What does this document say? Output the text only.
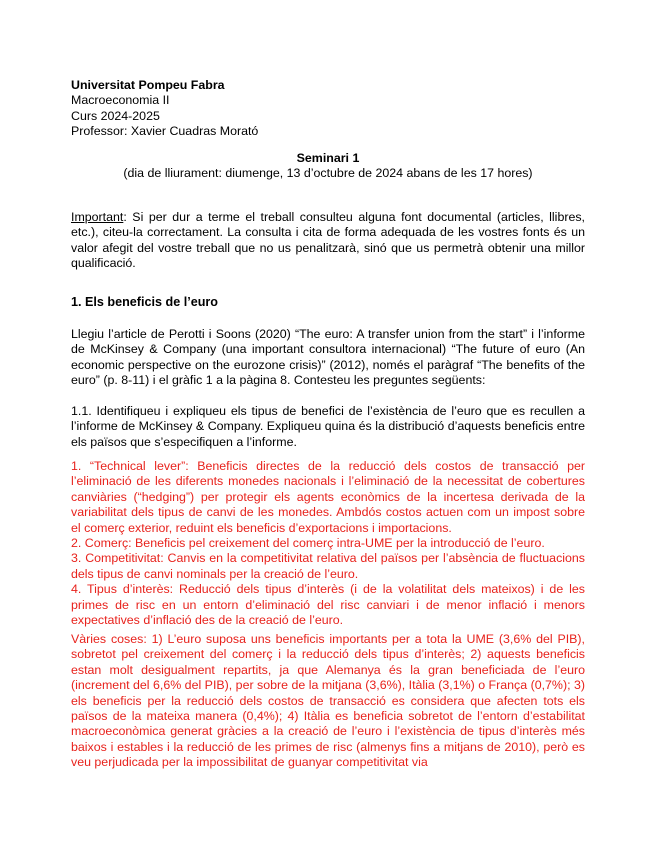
Universitat Pompeu Fabra
Macroeconomia II
Curs 2024-2025
Professor: Xavier Cuadras Morató
Seminari 1
(dia de lliurament: diumenge, 13 d’octubre de 2024 abans de les 17 hores)

Important: Si per dur a terme el treball consulteu alguna font documental (articles, llibres, etc.), citeu-la correctament. La consulta i cita de forma adequada de les vostres fonts és un valor afegit del vostre treball que no us penalitzarà, sinó que us permetrà obtenir una millor qualificació.

1. Els beneficis de l’euro

Llegiu l’article de Perotti i Soons (2020) “The euro: A transfer union from the start” i l’informe de McKinsey & Company (una important consultora internacional) “The future of euro (An economic perspective on the eurozone crisis)” (2012), només el paràgraf “The benefits of the euro” (p. 8-11) i el gràfic 1 a la pàgina 8. Contesteu les preguntes següents:

1.1. Identifiqueu i expliqueu els tipus de benefici de l’existència de l’euro que es recullen a l’informe de McKinsey & Company. Expliqueu quina és la distribució d’aquests beneficis entre els països que s’especifiquen a l’informe.

1. “Technical lever”: Beneficis directes de la reducció dels costos de transacció per l’eliminació de les diferents monedes nacionals i l’eliminació de la necessitat de cobertures canviàries (“hedging”) per protegir els agents econòmics de la incertesa derivada de la variabilitat dels tipus de canvi de les monedes. Ambdós costos actuen com un impost sobre el comerç exterior, reduint els beneficis d’exportacions i importacions.

2. Comerç: Beneficis pel creixement del comerç intra-UME per la introducció de l’euro.

3. Competitivitat: Canvis en la competitivitat relativa del països per l’absència de fluctuacions dels tipus de canvi nominals per la creació de l’euro.

4. Tipus d’interès: Reducció dels tipus d’interès (i de la volatilitat dels mateixos) i de les primes de risc en un entorn d’eliminació del risc canviari i de menor inflació i menors expectatives d’inflació des de la creació de l’euro.

Vàries coses: 1) L’euro suposa uns beneficis importants per a tota la UME (3,6% del PIB), sobretot pel creixement del comerç i la reducció dels tipus d’interès; 2) aquests beneficis estan molt desigualment repartits, ja que Alemanya és la gran beneficiada de l’euro (increment del 6,6% del PIB), per sobre de la mitjana (3,6%), Itàlia (3,1%) o França (0,7%); 3) els beneficis per la reducció dels costos de transacció es considera que afecten tots els països de la mateixa manera (0,4%); 4) Itàlia es beneficia sobretot de l’entorn d’estabilitat macroeconòmica generat gràcies a la creació de l’euro i l’existència de tipus d’interès més baixos i estables i la reducció de les primes de risc (almenys fins a mitjans de 2010), però es veu perjudicada per la impossibilitat de guanyar competitivitat via
